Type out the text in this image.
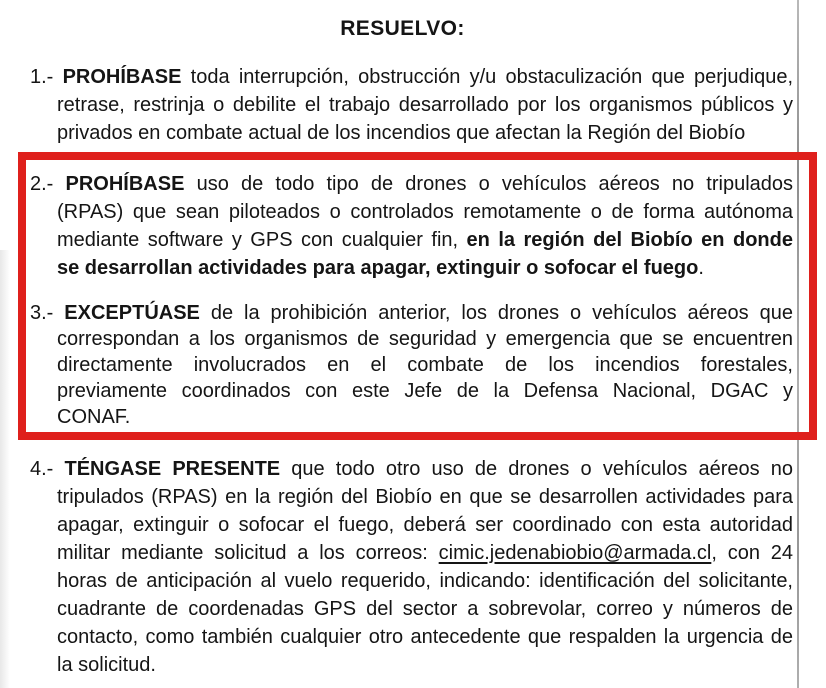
RESUELVO:
1.- PROHÍBASE toda interrupción, obstrucción y/u obstaculización que perjudique,
retrase, restrinja o debilite el trabajo desarrollado por los organismos públicos y
privados en combate actual de los incendios que afectan la Región del Biobío
2.- PROHÍBASE uso de todo tipo de drones o vehículos aéreos no tripulados
(RPAS) que sean piloteados o controlados remotamente o de forma autónoma
mediante software y GPS con cualquier fin, en la región del Biobío en donde
se desarrollan actividades para apagar, extinguir o sofocar el fuego.
3.- EXCEPTÚASE de la prohibición anterior, los drones o vehículos aéreos que
correspondan a los organismos de seguridad y emergencia que se encuentren
directamente involucrados en el combate de los incendios forestales,
previamente coordinados con este Jefe de la Defensa Nacional, DGAC y
CONAF.
4.- TÉNGASE PRESENTE que todo otro uso de drones o vehículos aéreos no
tripulados (RPAS) en la región del Biobío en que se desarrollen actividades para
apagar, extinguir o sofocar el fuego, deberá ser coordinado con esta autoridad
militar mediante solicitud a los correos: cimic.jedenabiobio@armada.cl, con 24
horas de anticipación al vuelo requerido, indicando: identificación del solicitante,
cuadrante de coordenadas GPS del sector a sobrevolar, correo y números de
contacto, como también cualquier otro antecedente que respalden la urgencia de
la solicitud.
